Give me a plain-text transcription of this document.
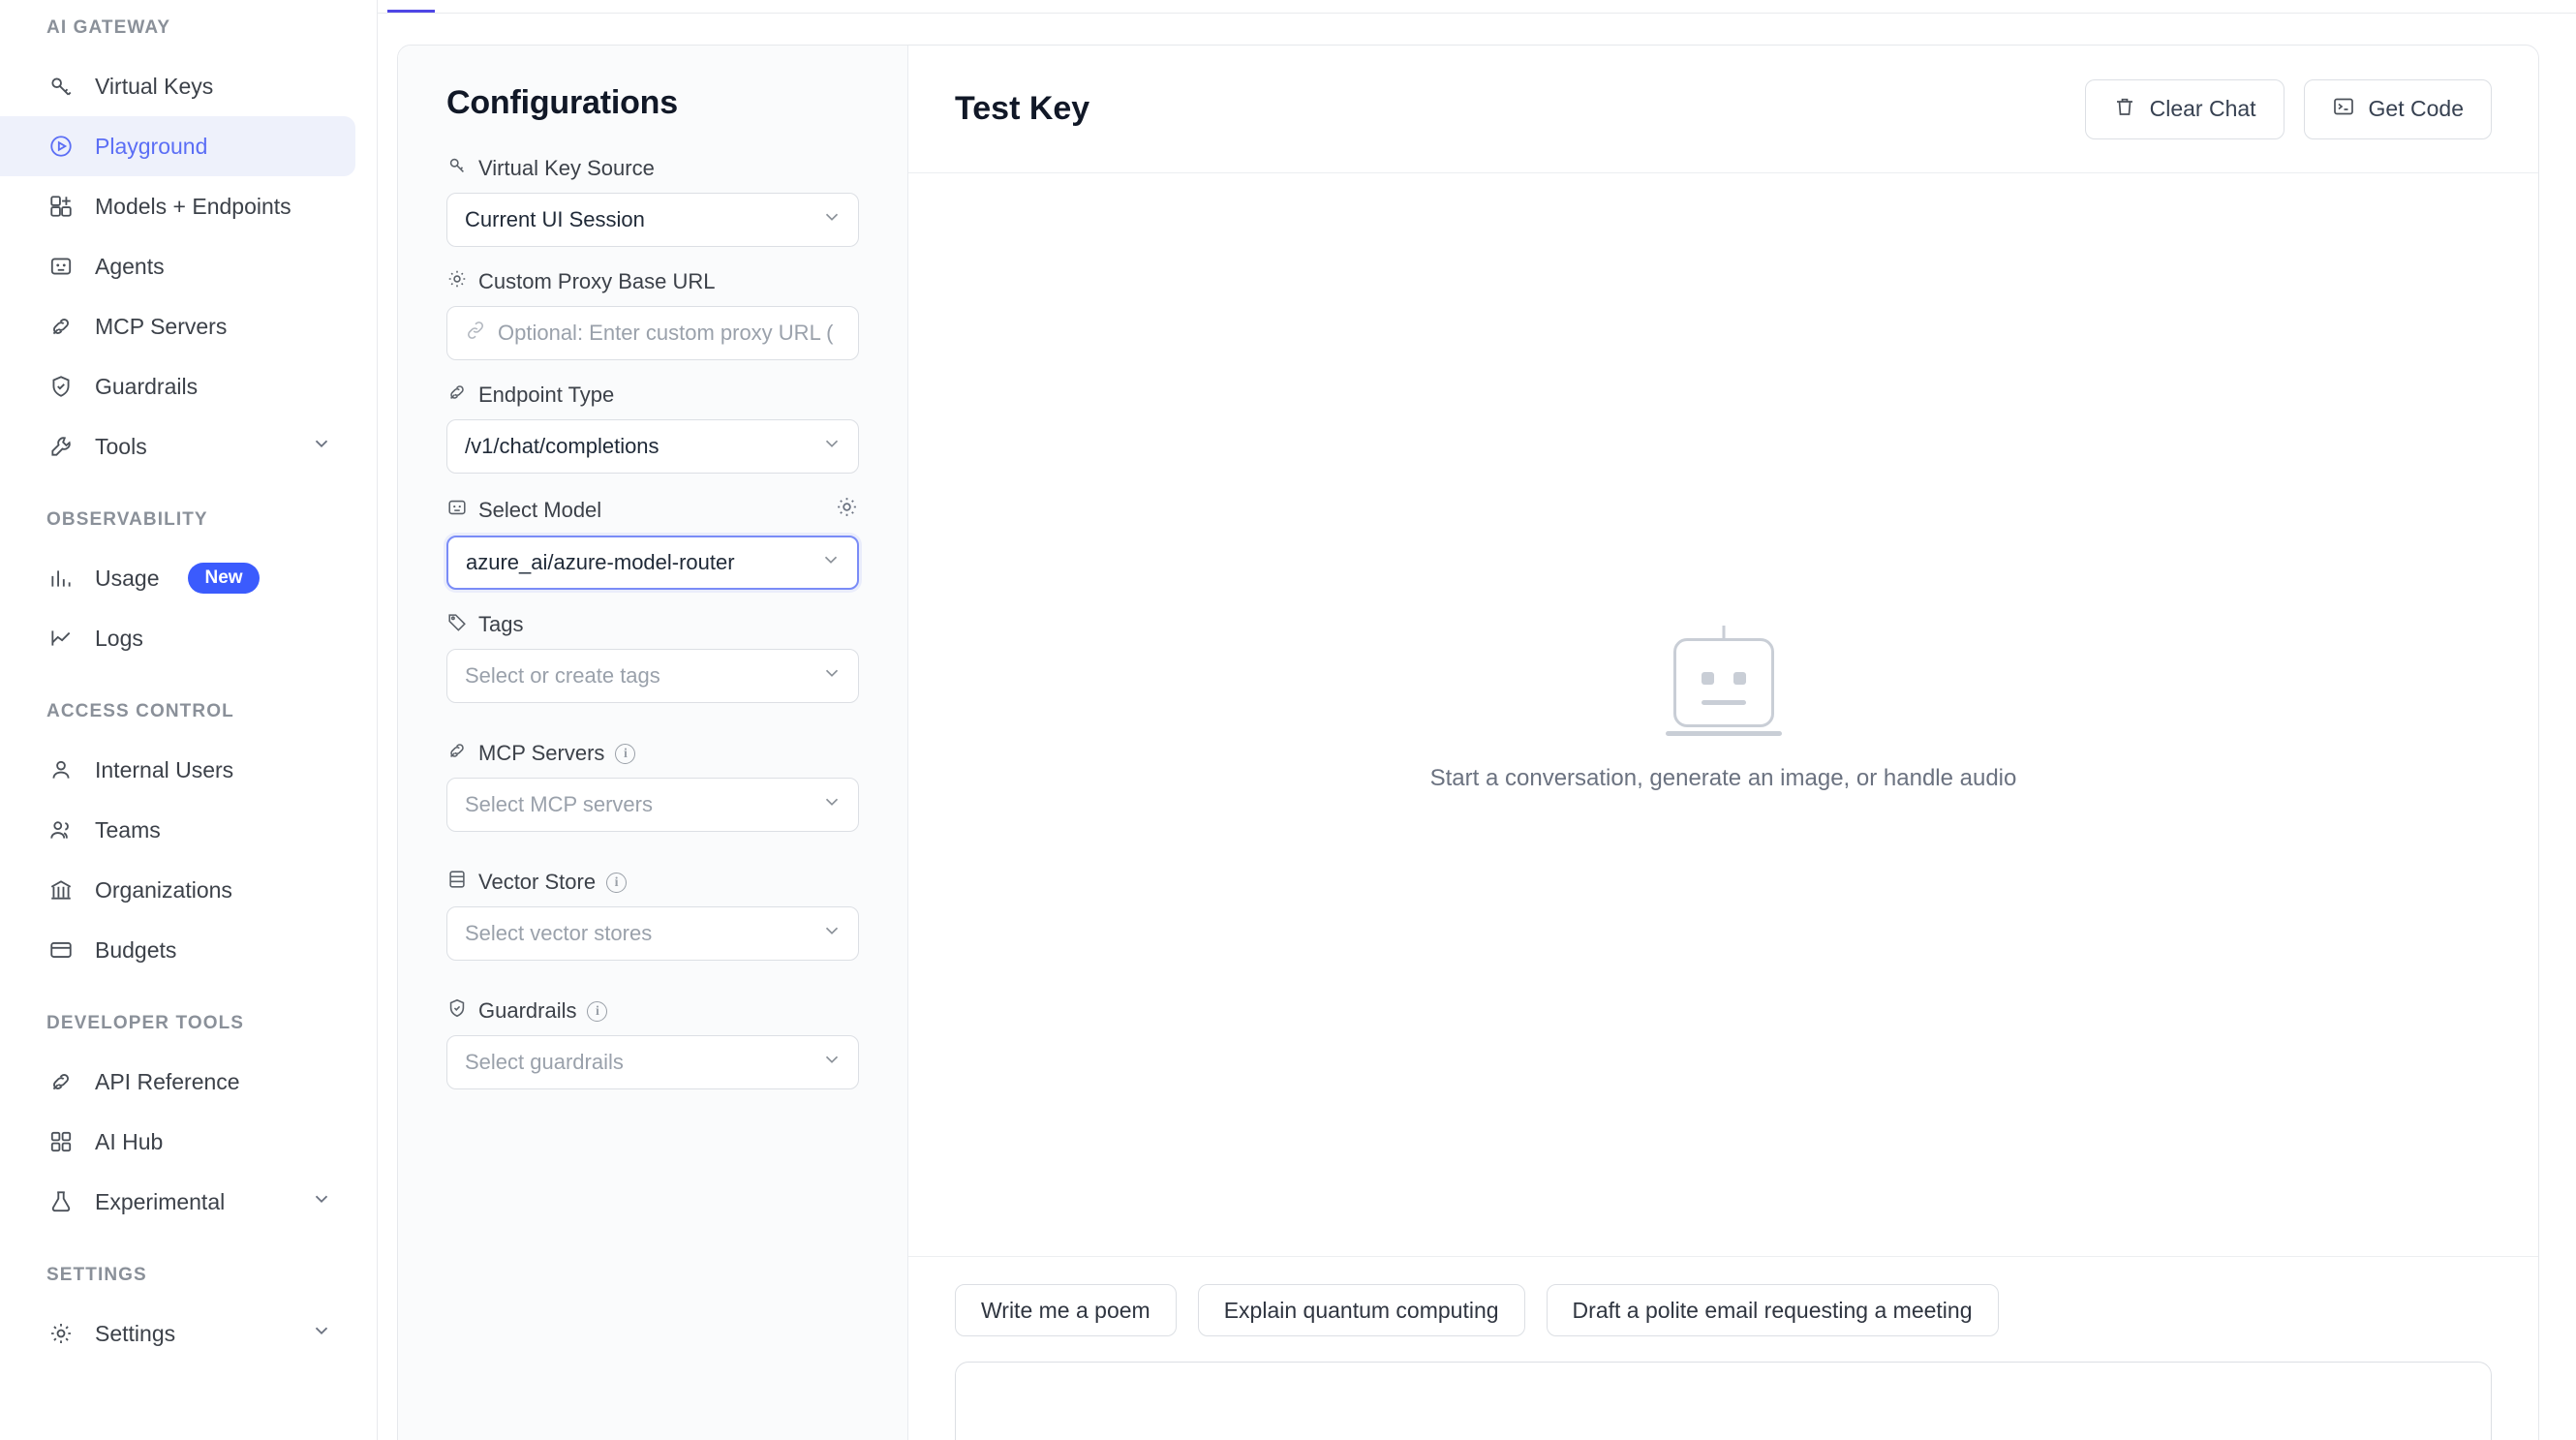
AI GATEWAY
Virtual Keys
Playground
Models + Endpoints
Agents
MCP Servers
Guardrails
Tools
OBSERVABILITY
Usage	New
Logs
ACCESS CONTROL
Internal Users
Teams
Organizations
Budgets
DEVELOPER TOOLS
API Reference
AI Hub
Experimental
SETTINGS
Settings
Configurations
Virtual Key Source
Current UI Session
Custom Proxy Base URL
Optional: Enter custom proxy URL (
Endpoint Type
/v1/chat/completions
Select Model
azure_ai/azure-model-router
Tags
Select or create tags
MCP Servers	i
Select MCP servers
Vector Store	i
Select vector stores
Guardrails	i
Select guardrails
Test Key	Clear Chat	Get Code
Start a conversation, generate an image, or handle audio
Write me a poem	Explain quantum computing	Draft a polite email requesting a meeting
